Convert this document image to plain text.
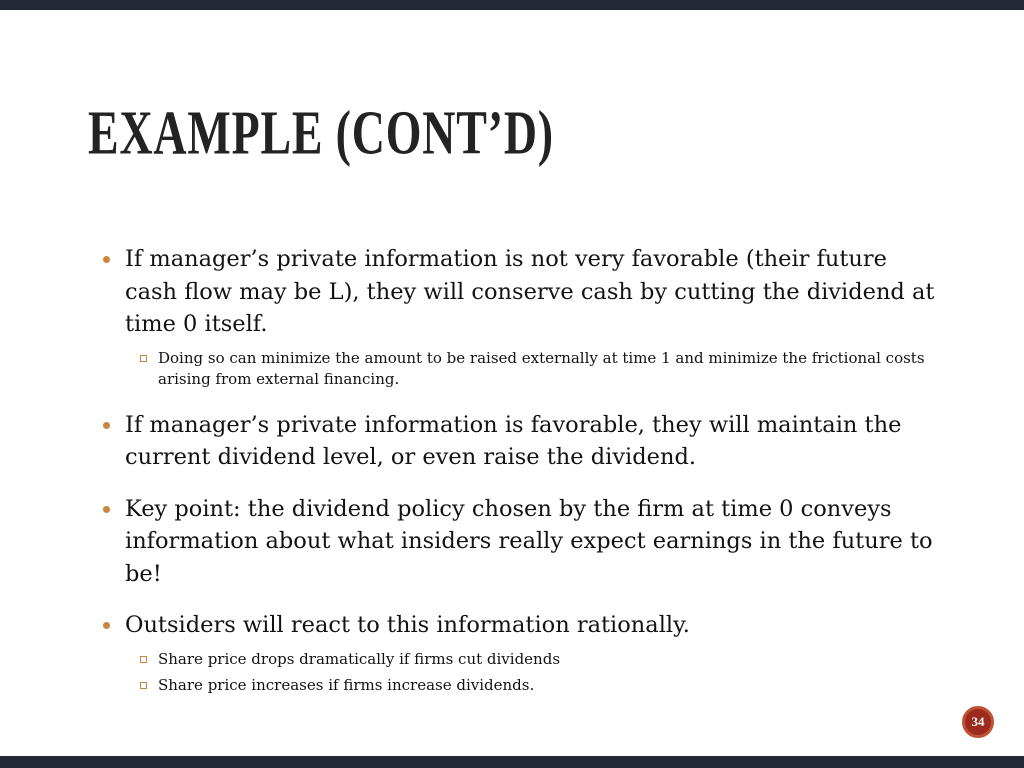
EXAMPLE (CONT’D)

If manager’s private information is not very favorable (their future cash flow may be L), they will conserve cash by cutting the dividend at time 0 itself.

Doing so can minimize the amount to be raised externally at time 1 and minimize the frictional costs arising from external financing.

If manager’s private information is favorable, they will maintain the current dividend level, or even raise the dividend.

Key point: the dividend policy chosen by the firm at time 0 conveys information about what insiders really expect earnings in the future to be!

Outsiders will react to this information rationally.

Share price drops dramatically if firms cut dividends

Share price increases if firms increase dividends.

34
